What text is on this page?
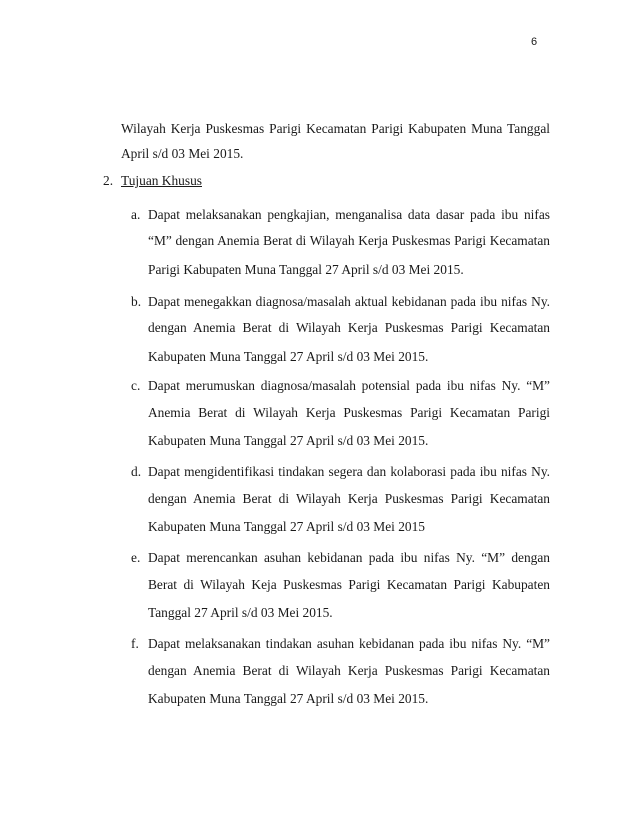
6
Wilayah Kerja Puskesmas Parigi Kecamatan Parigi Kabupaten Muna Tanggal
April s/d 03 Mei 2015.
2. Tujuan Khusus
a. Dapat melaksanakan pengkajian, menganalisa data dasar pada ibu nifas
“M” dengan Anemia Berat di Wilayah Kerja Puskesmas Parigi Kecamatan
Parigi Kabupaten Muna Tanggal 27 April s/d 03 Mei 2015.
b. Dapat menegakkan diagnosa/masalah aktual kebidanan pada ibu nifas Ny.
dengan Anemia Berat di Wilayah Kerja Puskesmas Parigi Kecamatan
Kabupaten Muna Tanggal 27 April s/d 03 Mei 2015.
c. Dapat merumuskan diagnosa/masalah potensial pada ibu nifas Ny. “M”
Anemia Berat di Wilayah Kerja Puskesmas Parigi Kecamatan Parigi
Kabupaten Muna Tanggal 27 April s/d 03 Mei 2015.
d. Dapat mengidentifikasi tindakan segera dan kolaborasi pada ibu nifas Ny.
dengan Anemia Berat di Wilayah Kerja Puskesmas Parigi Kecamatan
Kabupaten Muna Tanggal 27 April s/d 03 Mei 2015
e. Dapat merencankan asuhan kebidanan pada ibu nifas Ny. “M” dengan
Berat di Wilayah Keja Puskesmas Parigi Kecamatan Parigi Kabupaten
Tanggal 27 April s/d 03 Mei 2015.
f. Dapat melaksanakan tindakan asuhan kebidanan pada ibu nifas Ny. “M”
dengan Anemia Berat di Wilayah Kerja Puskesmas Parigi Kecamatan
Kabupaten Muna Tanggal 27 April s/d 03 Mei 2015.
